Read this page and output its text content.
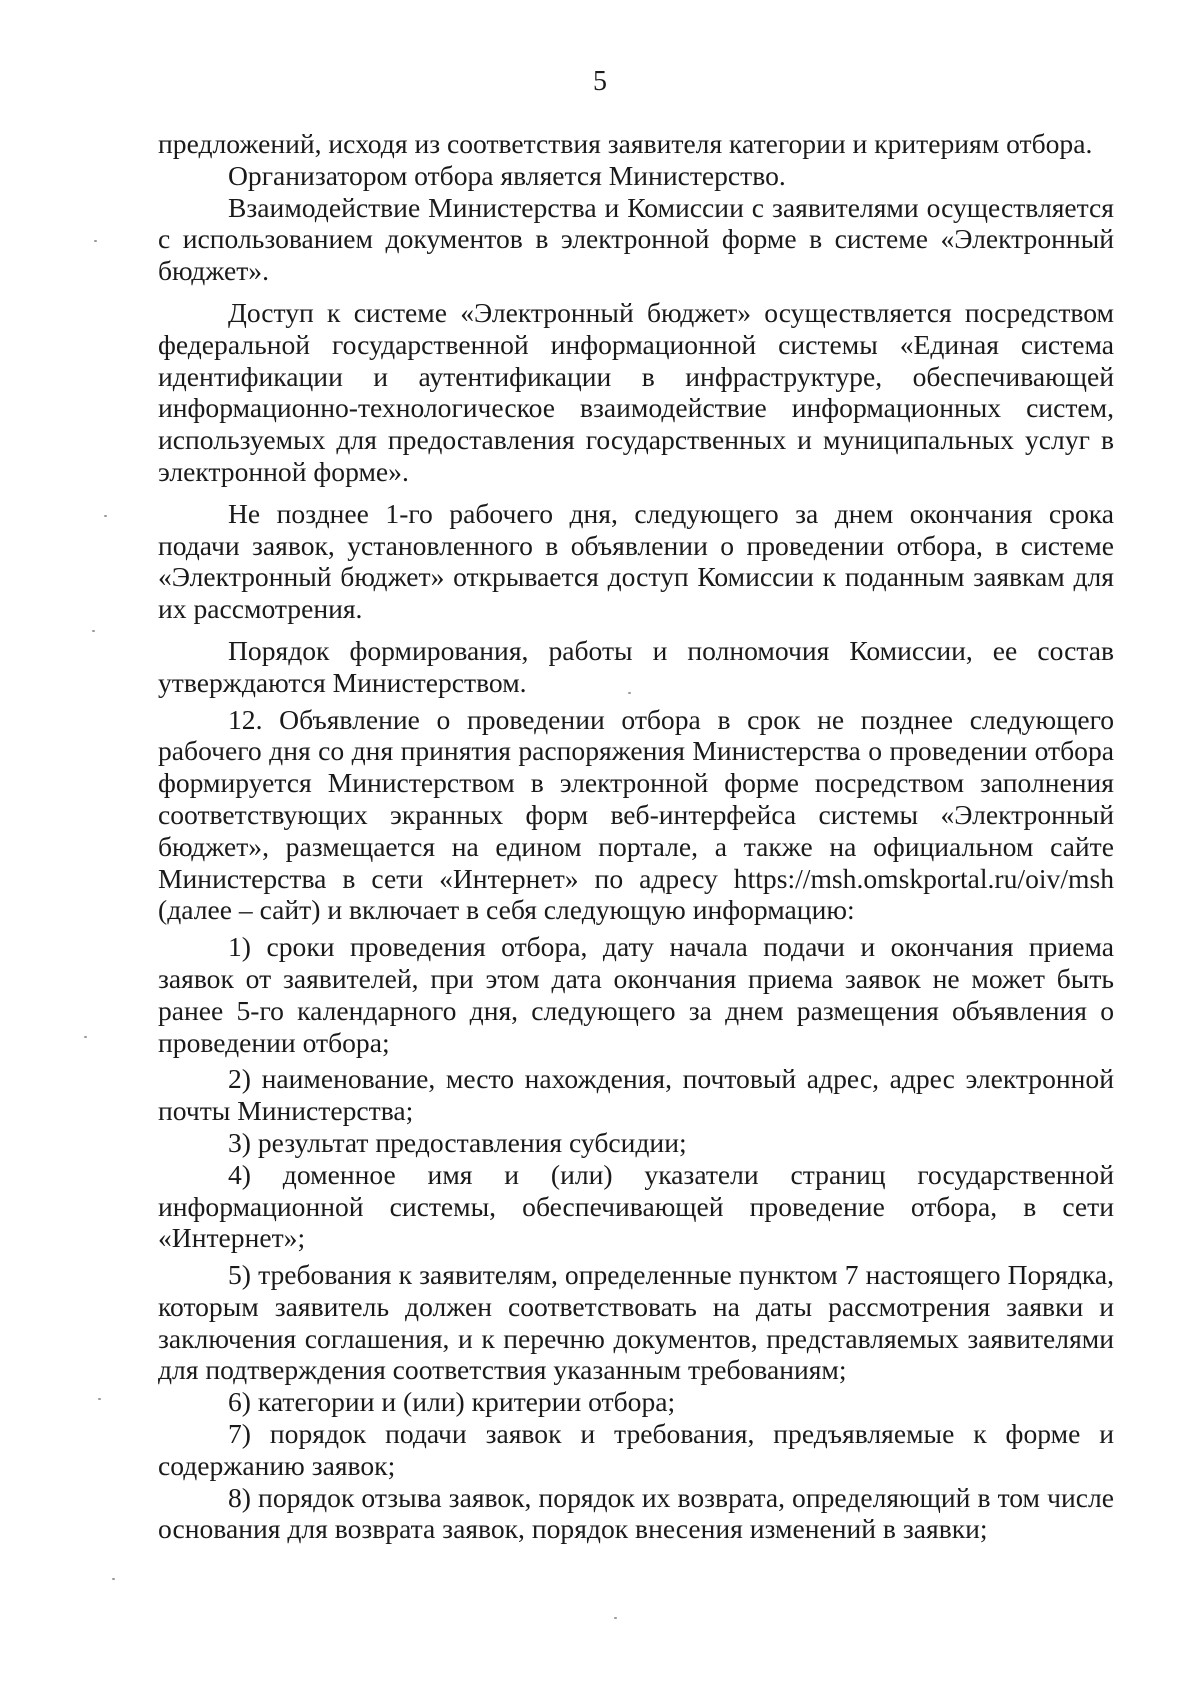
5

предложений, исходя из соответствия заявителя категории и критериям отбора.

Организатором отбора является Министерство.

Взаимодействие Министерства и Комиссии с заявителями осуществляется с использованием документов в электронной форме в системе «Электронный бюджет».

Доступ к системе «Электронный бюджет» осуществляется посредством федеральной государственной информационной системы «Единая система идентификации и аутентификации в инфраструктуре, обеспечивающей информационно-технологическое взаимодействие информационных систем, используемых для предоставления государственных и муниципальных услуг в электронной форме».

Не позднее 1-го рабочего дня, следующего за днем окончания срока подачи заявок, установленного в объявлении о проведении отбора, в системе «Электронный бюджет» открывается доступ Комиссии к поданным заявкам для их рассмотрения.

Порядок формирования, работы и полномочия Комиссии, ее состав утверждаются Министерством.

12. Объявление о проведении отбора в срок не позднее следующего рабочего дня со дня принятия распоряжения Министерства о проведении отбора формируется Министерством в электронной форме посредством заполнения соответствующих экранных форм веб-интерфейса системы «Электронный бюджет», размещается на едином портале, а также на официальном сайте Министерства в сети «Интернет» по адресу https://msh.omskportal.ru/oiv/msh (далее – сайт) и включает в себя следующую информацию:

1) сроки проведения отбора, дату начала подачи и окончания приема заявок от заявителей, при этом дата окончания приема заявок не может быть ранее 5-го календарного дня, следующего за днем размещения объявления о проведении отбора;

2) наименование, место нахождения, почтовый адрес, адрес электронной почты Министерства;

3) результат предоставления субсидии;

4) доменное имя и (или) указатели страниц государственной информационной системы, обеспечивающей проведение отбора, в сети «Интернет»;

5) требования к заявителям, определенные пунктом 7 настоящего Порядка, которым заявитель должен соответствовать на даты рассмотрения заявки и заключения соглашения, и к перечню документов, представляемых заявителями для подтверждения соответствия указанным требованиям;

6) категории и (или) критерии отбора;

7) порядок подачи заявок и требования, предъявляемые к форме и содержанию заявок;

8) порядок отзыва заявок, порядок их возврата, определяющий в том числе основания для возврата заявок, порядок внесения изменений в заявки;
